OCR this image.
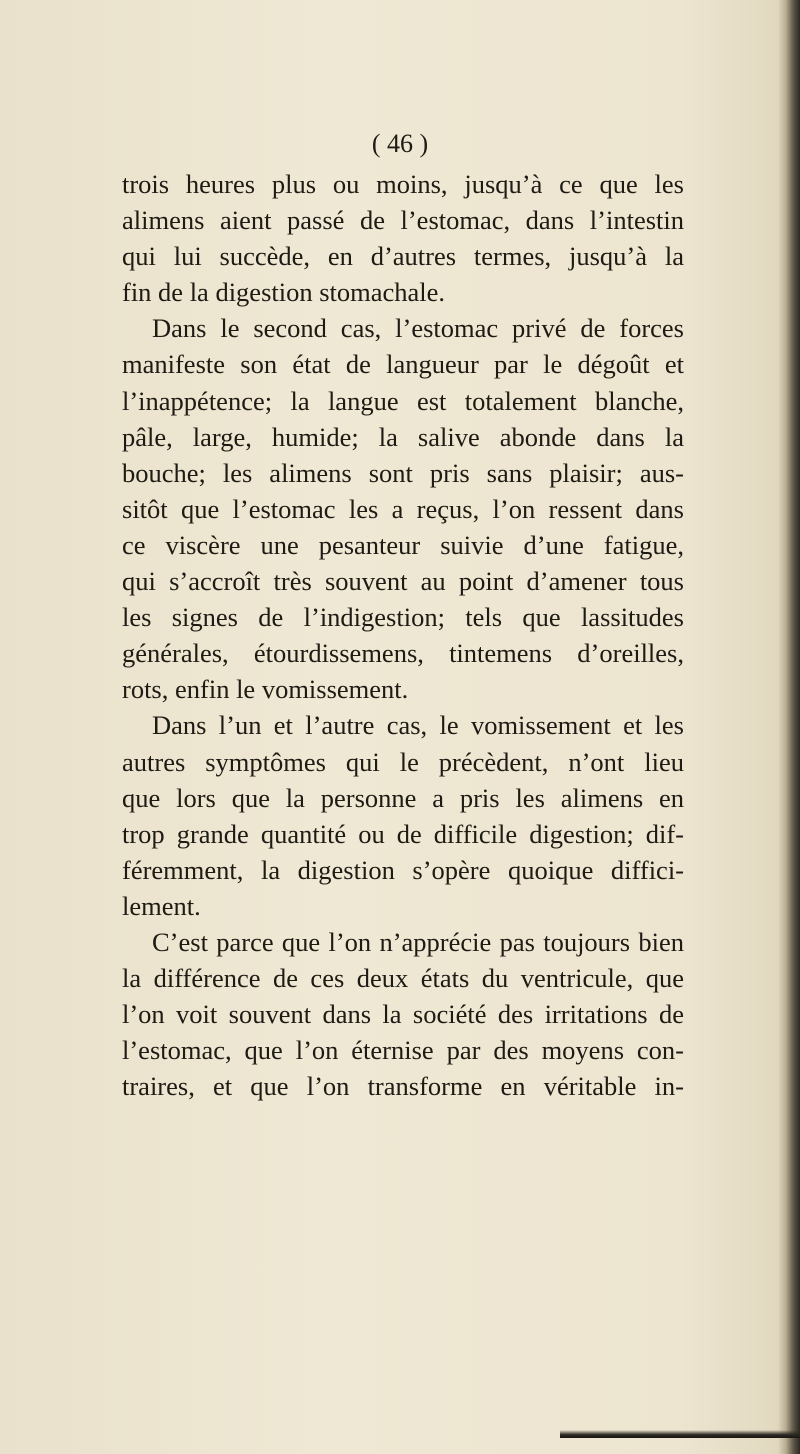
( 46 )

trois heures plus ou moins, jusqu’à ce que les
alimens aient passé de l’estomac, dans l’intestin
qui lui succède, en d’autres termes, jusqu’à la
fin de la digestion stomachale.
Dans le second cas, l’estomac privé de forces
manifeste son état de langueur par le dégoût et
l’inappétence; la langue est totalement blanche,
pâle, large, humide; la salive abonde dans la
bouche; les alimens sont pris sans plaisir; aus-
sitôt que l’estomac les a reçus, l’on ressent dans
ce viscère une pesanteur suivie d’une fatigue,
qui s’accroît très souvent au point d’amener tous
les signes de l’indigestion; tels que lassitudes
générales, étourdissemens, tintemens d’oreilles,
rots, enfin le vomissement.
Dans l’un et l’autre cas, le vomissement et les
autres symptômes qui le précèdent, n’ont lieu
que lors que la personne a pris les alimens en
trop grande quantité ou de difficile digestion; dif-
féremment, la digestion s’opère quoique diffici-
lement.
C’est parce que l’on n’apprécie pas toujours bien
la différence de ces deux états du ventricule, que
l’on voit souvent dans la société des irritations de
l’estomac, que l’on éternise par des moyens con-
traires, et que l’on transforme en véritable in-
